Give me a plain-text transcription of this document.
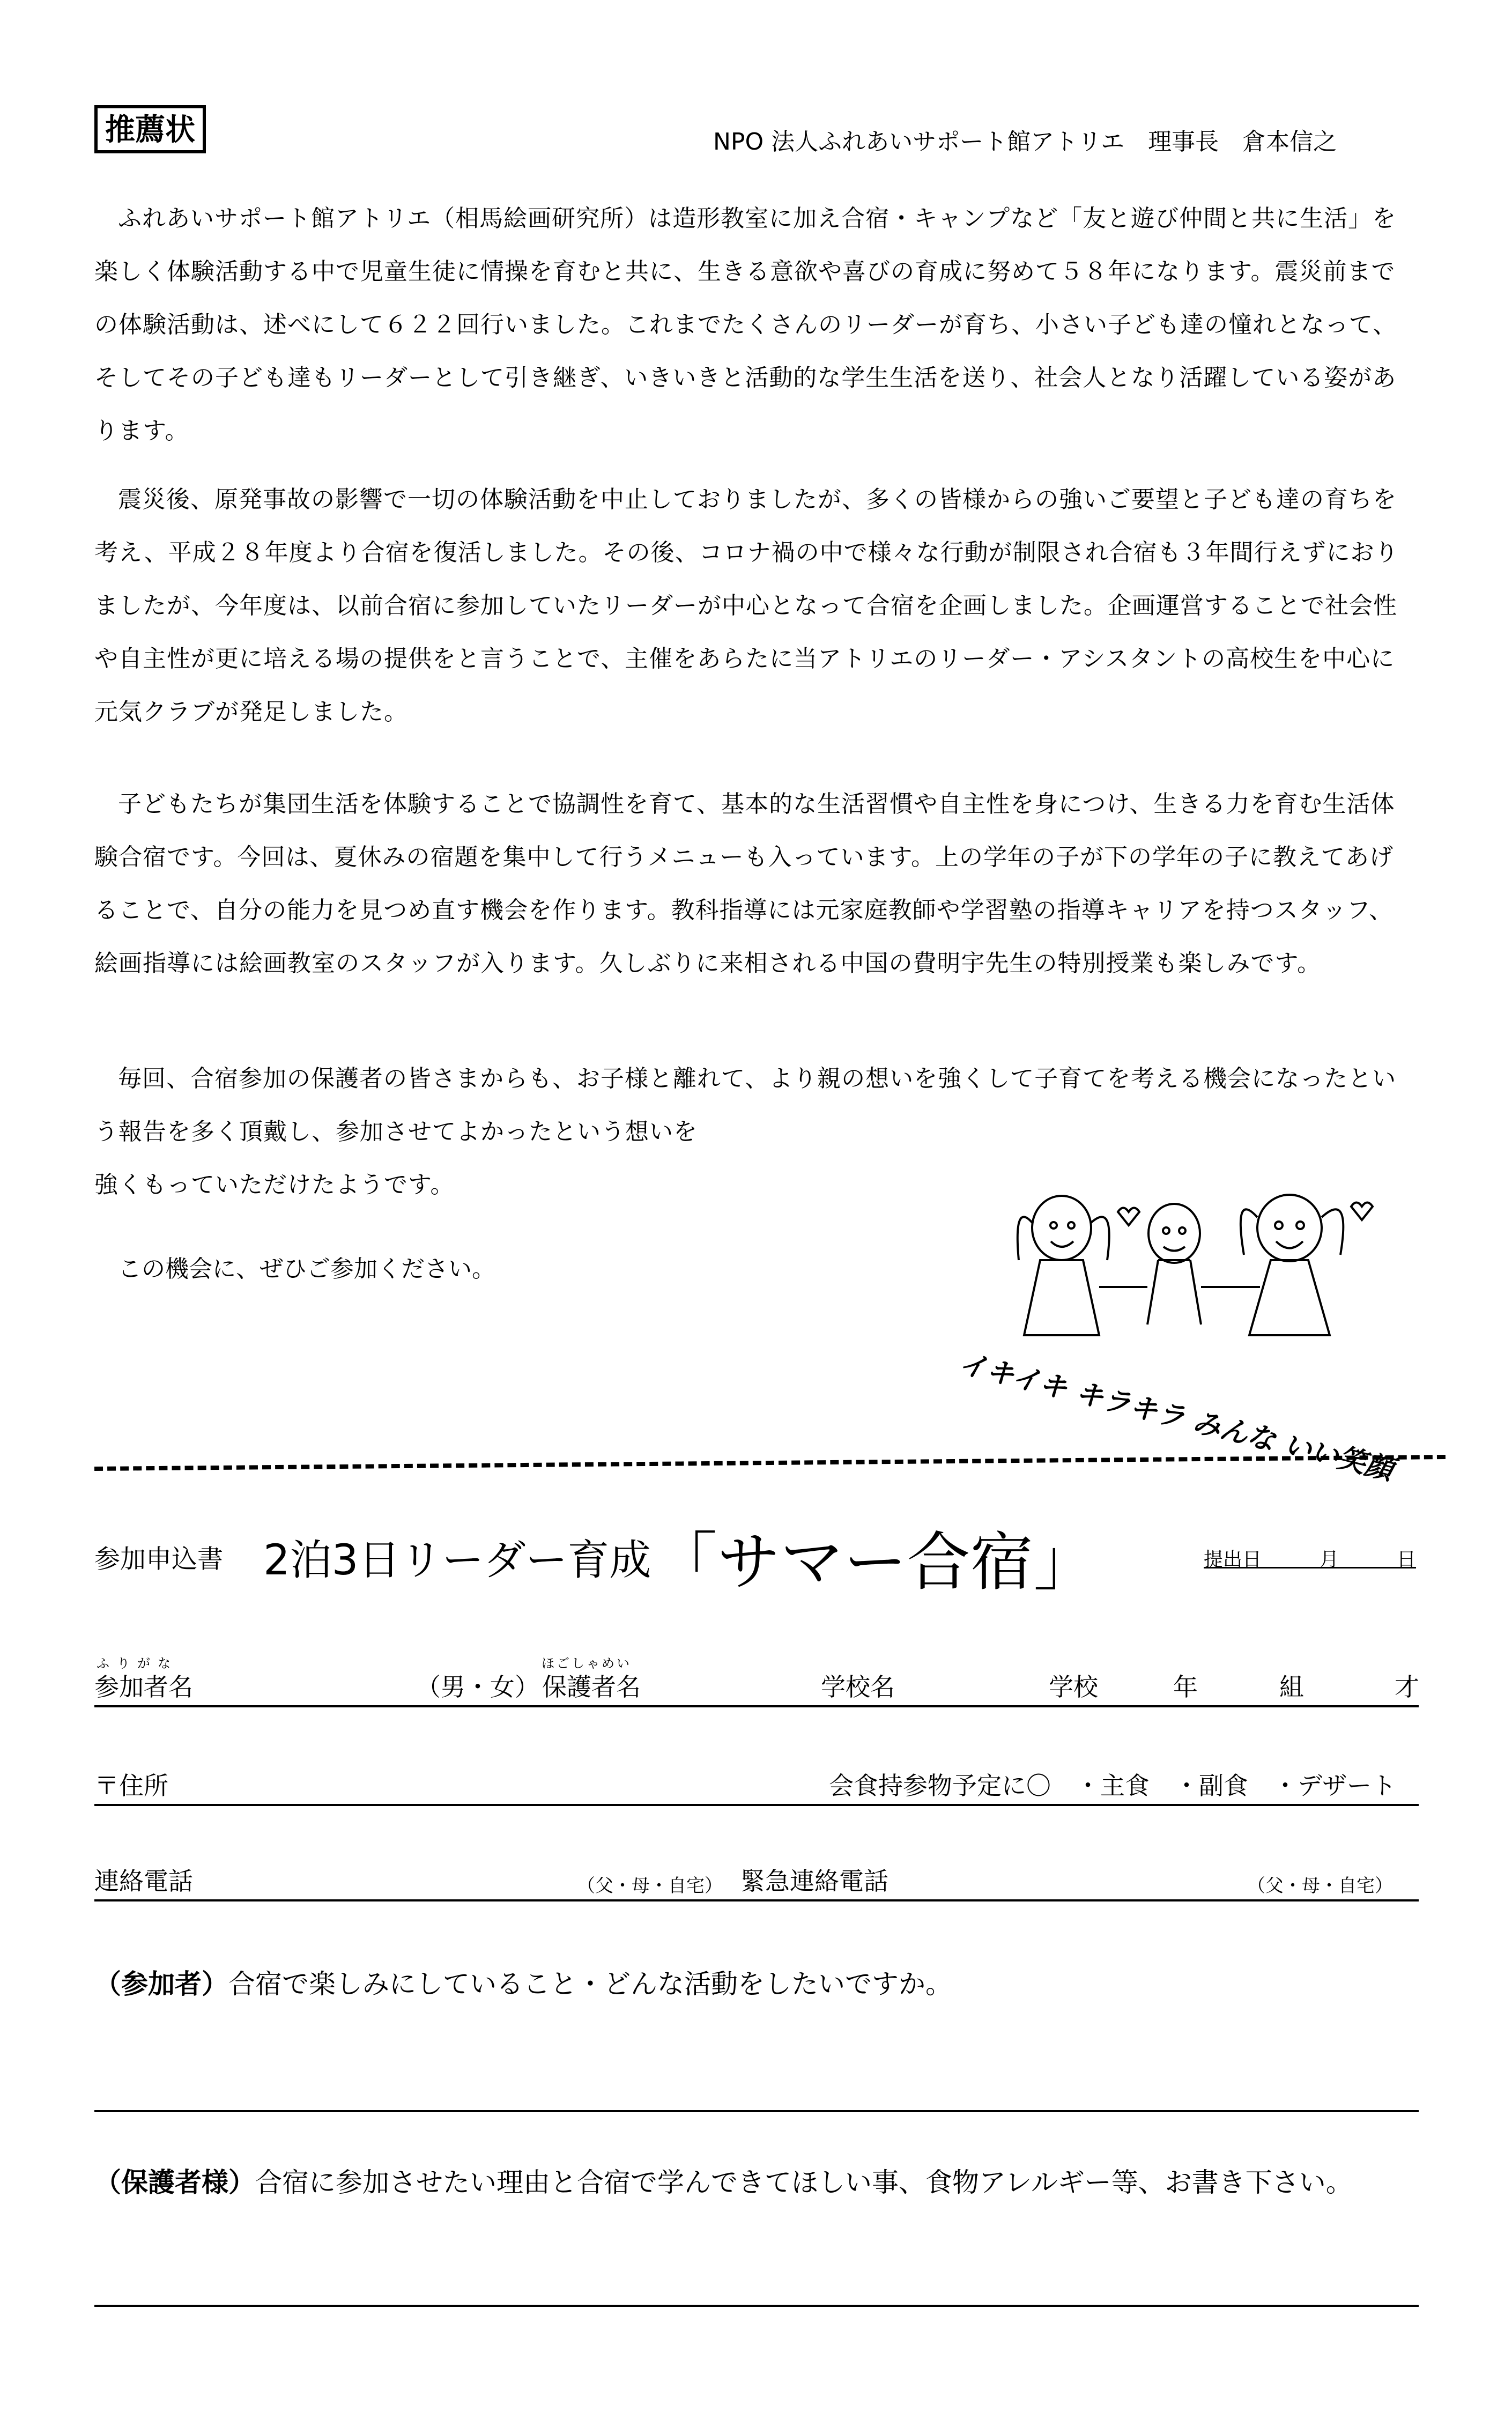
推薦状	NPO 法人ふれあいサポート館アトリエ　理事長　倉本信之

ふれあいサポート館アトリエ（相馬絵画研究所）は造形教室に加え合宿・キャンプなど「友と遊び仲間と共に生活」を楽しく体験活動する中で児童生徒に情操を育むと共に、生きる意欲や喜びの育成に努めて５８年になります。震災前までの体験活動は、述べにして６２２回行いました。これまでたくさんのリーダーが育ち、小さい子ども達の憧れとなって、そしてその子ども達もリーダーとして引き継ぎ、いきいきと活動的な学生生活を送り、社会人となり活躍している姿があります。

震災後、原発事故の影響で一切の体験活動を中止しておりましたが、多くの皆様からの強いご要望と子ども達の育ちを考え、平成２８年度より合宿を復活しました。その後、コロナ禍の中で様々な行動が制限され合宿も３年間行えずにおりましたが、今年度は、以前合宿に参加していたリーダーが中心となって合宿を企画しました。企画運営することで社会性や自主性が更に培える場の提供をと言うことで、主催をあらたに当アトリエのリーダー・アシスタントの高校生を中心に元気クラブが発足しました。

子どもたちが集団生活を体験することで協調性を育て、基本的な生活習慣や自主性を身につけ、生きる力を育む生活体験合宿です。今回は、夏休みの宿題を集中して行うメニューも入っています。上の学年の子が下の学年の子に教えてあげることで、自分の能力を見つめ直す機会を作ります。教科指導には元家庭教師や学習塾の指導キャリアを持つスタッフ、絵画指導には絵画教室のスタッフが入ります。久しぶりに来相される中国の費明宇先生の特別授業も楽しみです。

毎回、合宿参加の保護者の皆さまからも、お子様と離れて、より親の想いを強くして子育てを考える機会になったという報告を多く頂戴し、参加させてよかったという想いを

強くもっていただけたようです。
この機会に、ぜひご参加ください。
イキイキ キラキラ みんな いい笑顔
参加申込書 2泊3日リーダー育成 「サマー合宿」	提出日　　　月　　　日
ふりがな	ほごしゃめい
参加者名	（男・女） 保護者名	学校名	学校	年	組	才
〒住所	会食持参物予定に〇　・主食　・副食　・デザート
連絡電話	（父・母・自宅） 緊急連絡電話	（父・母・自宅）
（参加者）合宿で楽しみにしていること・どんな活動をしたいですか。
（保護者様）合宿に参加させたい理由と合宿で学んできてほしい事、食物アレルギー等、お書き下さい。
